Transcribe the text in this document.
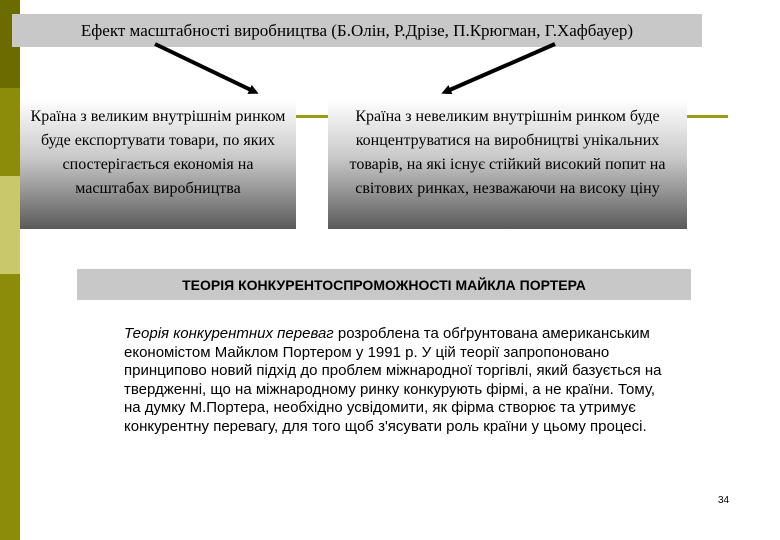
Ефект масштабності виробництва (Б.Олін, Р.Дрізе, П.Крюгман, Г.Хафбауер)
Країна з великим внутрішнім ринком буде експортувати товари, по яких спостерігається економія на масштабах виробництва
Країна з невеликим внутрішнім ринком буде концентруватися на виробництві унікальних товарів, на які існує стійкий високий попит на світових ринках, незважаючи на високу ціну
ТЕОРІЯ КОНКУРЕНТОСПРОМОЖНОСТІ МАЙКЛА ПОРТЕРА
Теорія конкурентних переваг розроблена та обґрунтована американським економістом Майклом Портером у 1991 р. У цій теорії запропоновано принципово новий підхід до проблем міжнародної торгівлі, який базується на твердженні, що на міжнародному ринку конкурують фірмі, а не країни. Тому, на думку М.Портера, необхідно усвідомити, як фірма створює та утримує конкурентну перевагу, для того щоб з'ясувати роль країни у цьому процесі.
34
